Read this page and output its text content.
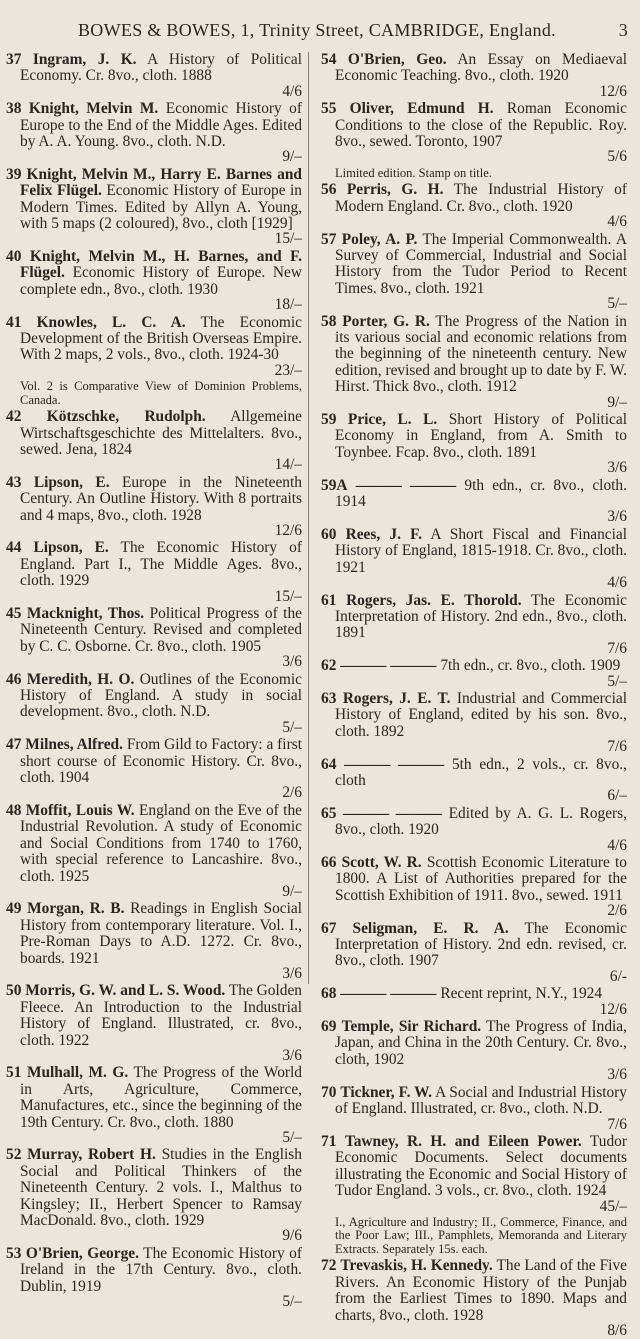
BOWES & BOWES, 1, Trinity Street, CAMBRIDGE, England.	3

37 Ingram, J. K. A History of Political Economy. Cr. 8vo., cloth. 1888
4/6

38 Knight, Melvin M. Economic History of Europe to the End of the Middle Ages. Edited by A. A. Young. 8vo., cloth. N.D.
9/–

39 Knight, Melvin M., Harry E. Barnes and Felix Flügel. Economic History of Europe in Modern Times. Edited by Allyn A. Young, with 5 maps (2 coloured), 8vo., cloth [1929]
15/–

40 Knight, Melvin M., H. Barnes, and F. Flügel. Economic History of Europe. New complete edn., 8vo., cloth. 1930
18/–

41 Knowles, L. C. A. The Economic Development of the British Overseas Empire. With 2 maps, 2 vols., 8vo., cloth. 1924-30
23/–

Vol. 2 is Comparative View of Dominion Problems, Canada.

42 Kötzschke, Rudolph. Allgemeine Wirtschaftsgeschichte des Mittelalters. 8vo., sewed. Jena, 1824
14/–

43 Lipson, E. Europe in the Nineteenth Century. An Outline History. With 8 portraits and 4 maps, 8vo., cloth. 1928
12/6

44 Lipson, E. The Economic History of England. Part I., The Middle Ages. 8vo., cloth. 1929
15/–

45 Macknight, Thos. Political Progress of the Nineteenth Century. Revised and completed by C. C. Osborne. Cr. 8vo., cloth. 1905
3/6

46 Meredith, H. O. Outlines of the Economic History of England. A study in social development. 8vo., cloth. N.D.
5/–

47 Milnes, Alfred. From Gild to Factory: a first short course of Economic History. Cr. 8vo., cloth. 1904
2/6

48 Moffit, Louis W. England on the Eve of the Industrial Revolution. A study of Economic and Social Conditions from 1740 to 1760, with special reference to Lancashire. 8vo., cloth. 1925
9/–

49 Morgan, R. B. Readings in English Social History from contemporary literature. Vol. I., Pre-Roman Days to A.D. 1272. Cr. 8vo., boards. 1921
3/6

50 Morris, G. W. and L. S. Wood. The Golden Fleece. An Introduction to the Industrial History of England. Illustrated, cr. 8vo., cloth. 1922
3/6

51 Mulhall, M. G. The Progress of the World in Arts, Agriculture, Commerce, Manufactures, etc., since the beginning of the 19th Century. Cr. 8vo., cloth. 1880
5/–

52 Murray, Robert H. Studies in the English Social and Political Thinkers of the Nineteenth Century. 2 vols. I., Malthus to Kingsley; II., Herbert Spencer to Ramsay MacDonald. 8vo., cloth. 1929
9/6

53 O'Brien, George. The Economic History of Ireland in the 17th Century. 8vo., cloth. Dublin, 1919
5/–

54 O'Brien, Geo. An Essay on Mediaeval Economic Teaching. 8vo., cloth. 1920
12/6

55 Oliver, Edmund H. Roman Economic Conditions to the close of the Republic. Roy. 8vo., sewed. Toronto, 1907
5/6

Limited edition. Stamp on title.

56 Perris, G. H. The Industrial History of Modern England. Cr. 8vo., cloth. 1920
4/6

57 Poley, A. P. The Imperial Commonwealth. A Survey of Commercial, Industrial and Social History from the Tudor Period to Recent Times. 8vo., cloth. 1921
5/–

58 Porter, G. R. The Progress of the Nation in its various social and economic relations from the beginning of the nineteenth century. New edition, revised and brought up to date by F. W. Hirst. Thick 8vo., cloth. 1912
9/–

59 Price, L. L. Short History of Political Economy in England, from A. Smith to Toynbee. Fcap. 8vo., cloth. 1891
3/6

59A ——— ——— 9th edn., cr. 8vo., cloth. 1914
3/6

60 Rees, J. F. A Short Fiscal and Financial History of England, 1815-1918. Cr. 8vo., cloth. 1921
4/6

61 Rogers, Jas. E. Thorold. The Economic Interpretation of History. 2nd edn., 8vo., cloth. 1891
7/6

62 ——— ——— 7th edn., cr. 8vo., cloth. 1909
5/–

63 Rogers, J. E. T. Industrial and Commercial History of England, edited by his son. 8vo., cloth. 1892
7/6

64 ——— ——— 5th edn., 2 vols., cr. 8vo., cloth
6/–

65 ——— ——— Edited by A. G. L. Rogers, 8vo., cloth. 1920
4/6

66 Scott, W. R. Scottish Economic Literature to 1800. A List of Authorities prepared for the Scottish Exhibition of 1911. 8vo., sewed. 1911
2/6

67 Seligman, E. R. A. The Economic Interpretation of History. 2nd edn. revised, cr. 8vo., cloth. 1907
6/-

68 ——— ——— Recent reprint, N.Y., 1924
12/6

69 Temple, Sir Richard. The Progress of India, Japan, and China in the 20th Century. Cr. 8vo., cloth, 1902
3/6

70 Tickner, F. W. A Social and Industrial History of England. Illustrated, cr. 8vo., cloth. N.D.
7/6

71 Tawney, R. H. and Eileen Power. Tudor Economic Documents. Select documents illustrating the Economic and Social History of Tudor England. 3 vols., cr. 8vo., cloth. 1924
45/–

I., Agriculture and Industry; II., Commerce, Finance, and the Poor Law; III., Pamphlets, Memoranda and Literary Extracts. Separately 15s. each.

72 Trevaskis, H. Kennedy. The Land of the Five Rivers. An Economic History of the Punjab from the Earliest Times to 1890. Maps and charts, 8vo., cloth. 1928
8/6
